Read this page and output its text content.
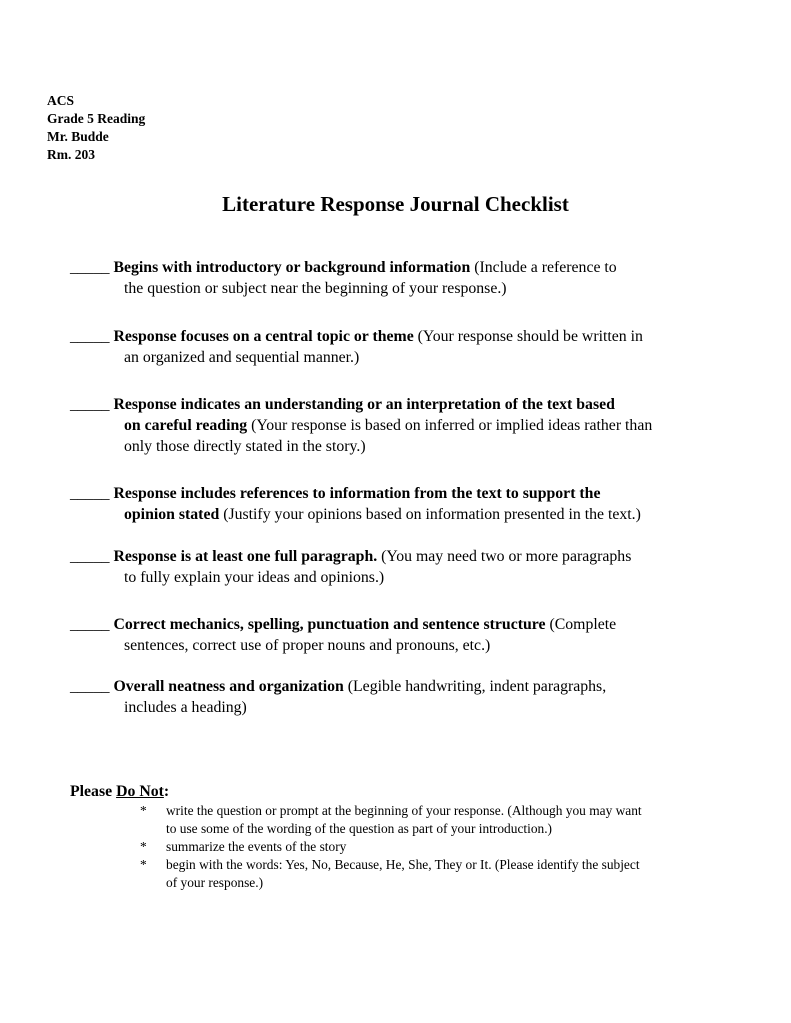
ACS
Grade 5 Reading
Mr. Budde
Rm. 203
Literature Response Journal Checklist
_____ Begins with introductory or background information (Include a reference to
the question or subject near the beginning of your response.)
_____ Response focuses on a central topic or theme (Your response should be written in
an organized and sequential manner.)
_____ Response indicates an understanding or an interpretation of the text based
on careful reading (Your response is based on inferred or implied ideas rather than
only those directly stated in the story.)
_____ Response includes references to information from the text to support the
opinion stated (Justify your opinions based on information presented in the text.)
_____ Response is at least one full paragraph. (You may need two or more paragraphs
to fully explain your ideas and opinions.)
_____ Correct mechanics, spelling, punctuation and sentence structure (Complete
sentences, correct use of proper nouns and pronouns, etc.)
_____ Overall neatness and organization (Legible handwriting, indent paragraphs,
includes a heading)
Please Do Not:
* write the question or prompt at the beginning of your response. (Although you may want
to use some of the wording of the question as part of your introduction.)
* summarize the events of the story
* begin with the words: Yes, No, Because, He, She, They or It. (Please identify the subject
of your response.)
